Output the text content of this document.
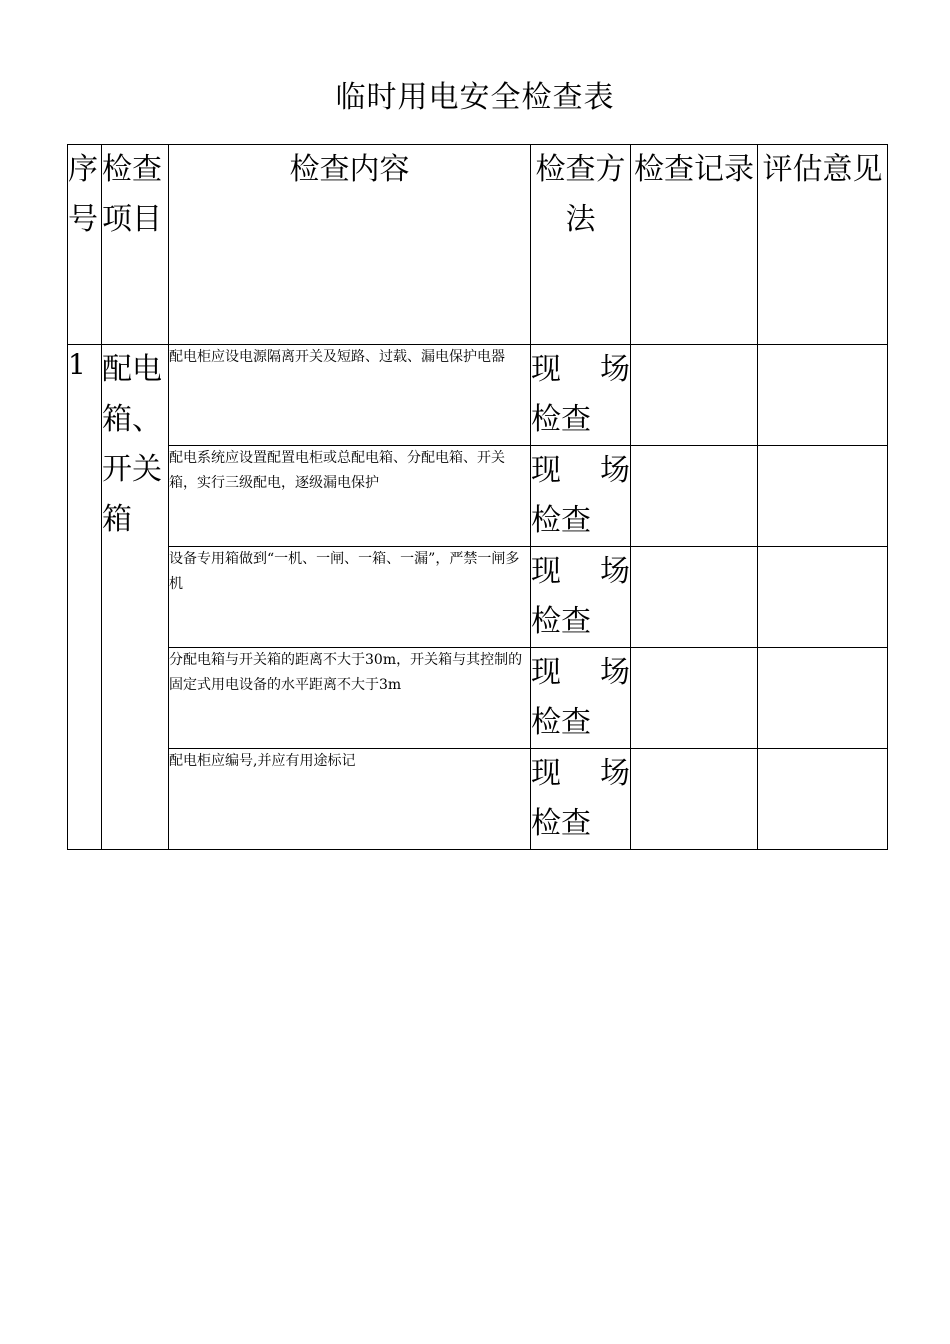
临时用电安全检查表
序号	检查项目	检查内容	检查方法	检查记录	评估意见
1	配电箱、开关箱	配电柜应设电源隔离开关及短路、过载、漏电保护电器	现 场
检查		

		配电系统应设置配置电柜或总配电箱、分配电箱、开关箱，实行三级配电，逐级漏电保护	现 场
检查		

		设备专用箱做到“一机、一闸、一箱、一漏”，严禁一闸多机	现 场
检查		

		分配电箱与开关箱的距离不大于30m，开关箱与其控制的固定式用电设备的水平距离不大于3m	现 场
检查		

		配电柜应编号,并应有用途标记	现 场
检查		
